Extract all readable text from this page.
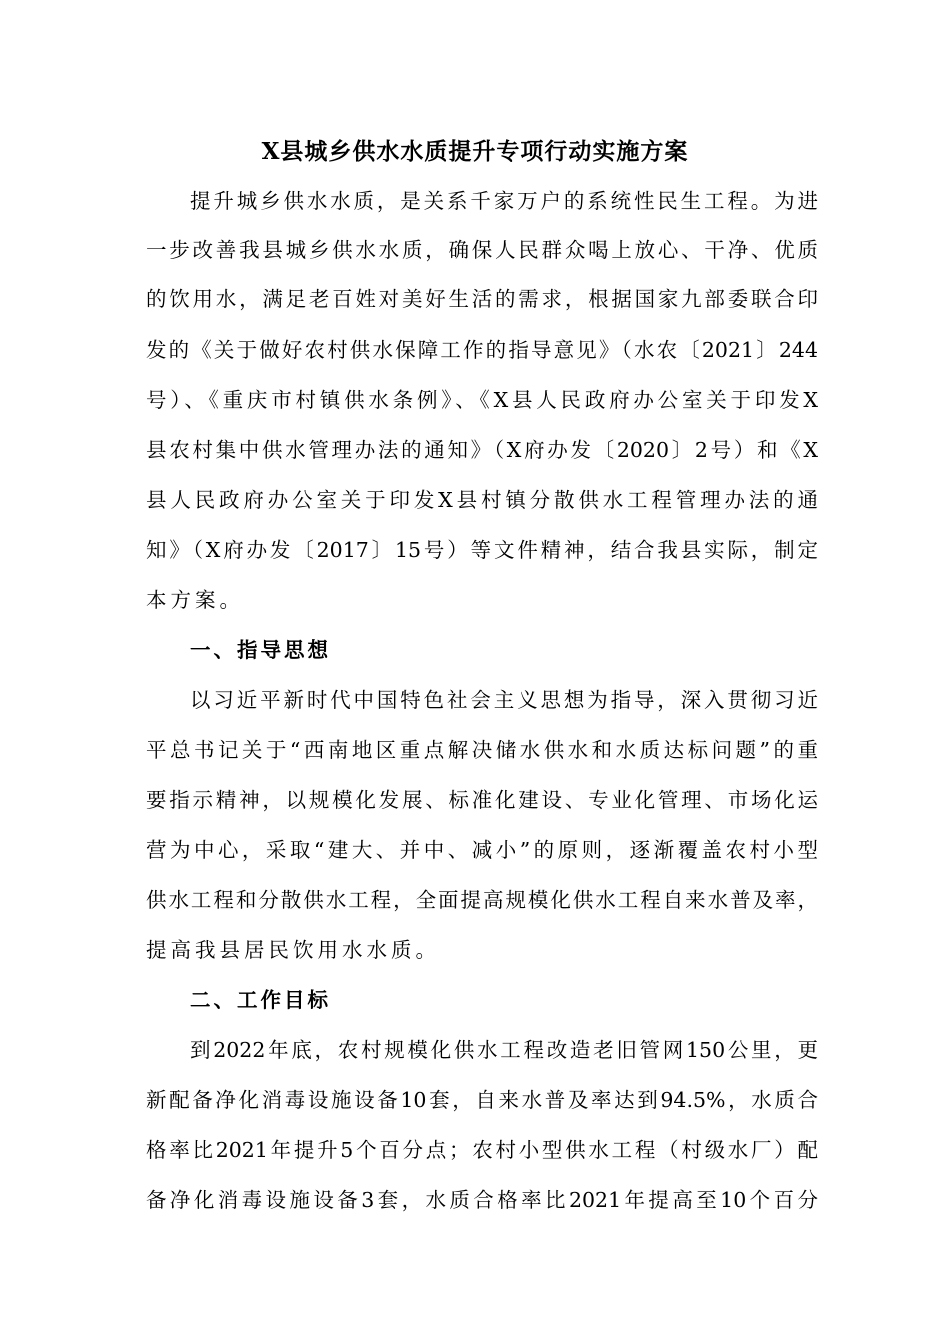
X县城乡供水水质提升专项行动实施方案
提升城乡供水水质，是关系千家万户的系统性民生工程。为进
一步改善我县城乡供水水质，确保人民群众喝上放心、干净、优质
的饮用水，满足老百姓对美好生活的需求，根据国家九部委联合印
发的《关于做好农村供水保障工作的指导意见》（水农〔2021〕244
号）、《重庆市村镇供水条例》、《X县人民政府办公室关于印发X
县农村集中供水管理办法的通知》（X府办发〔2020〕2号）和《X
县人民政府办公室关于印发X县村镇分散供水工程管理办法的通
知》（X府办发〔2017〕15号）等文件精神，结合我县实际，制定
本方案。
一、指导思想
以习近平新时代中国特色社会主义思想为指导，深入贯彻习近
平总书记关于“西南地区重点解决储水供水和水质达标问题”的重
要指示精神，以规模化发展、标准化建设、专业化管理、市场化运
营为中心，采取“建大、并中、减小”的原则，逐渐覆盖农村小型
供水工程和分散供水工程，全面提高规模化供水工程自来水普及率，
提高我县居民饮用水水质。
二、工作目标
到2022年底，农村规模化供水工程改造老旧管网150公里，更
新配备净化消毒设施设备10套，自来水普及率达到94.5%，水质合
格率比2021年提升5个百分点；农村小型供水工程（村级水厂）配
备净化消毒设施设备3套，水质合格率比2021年提高至10个百分
